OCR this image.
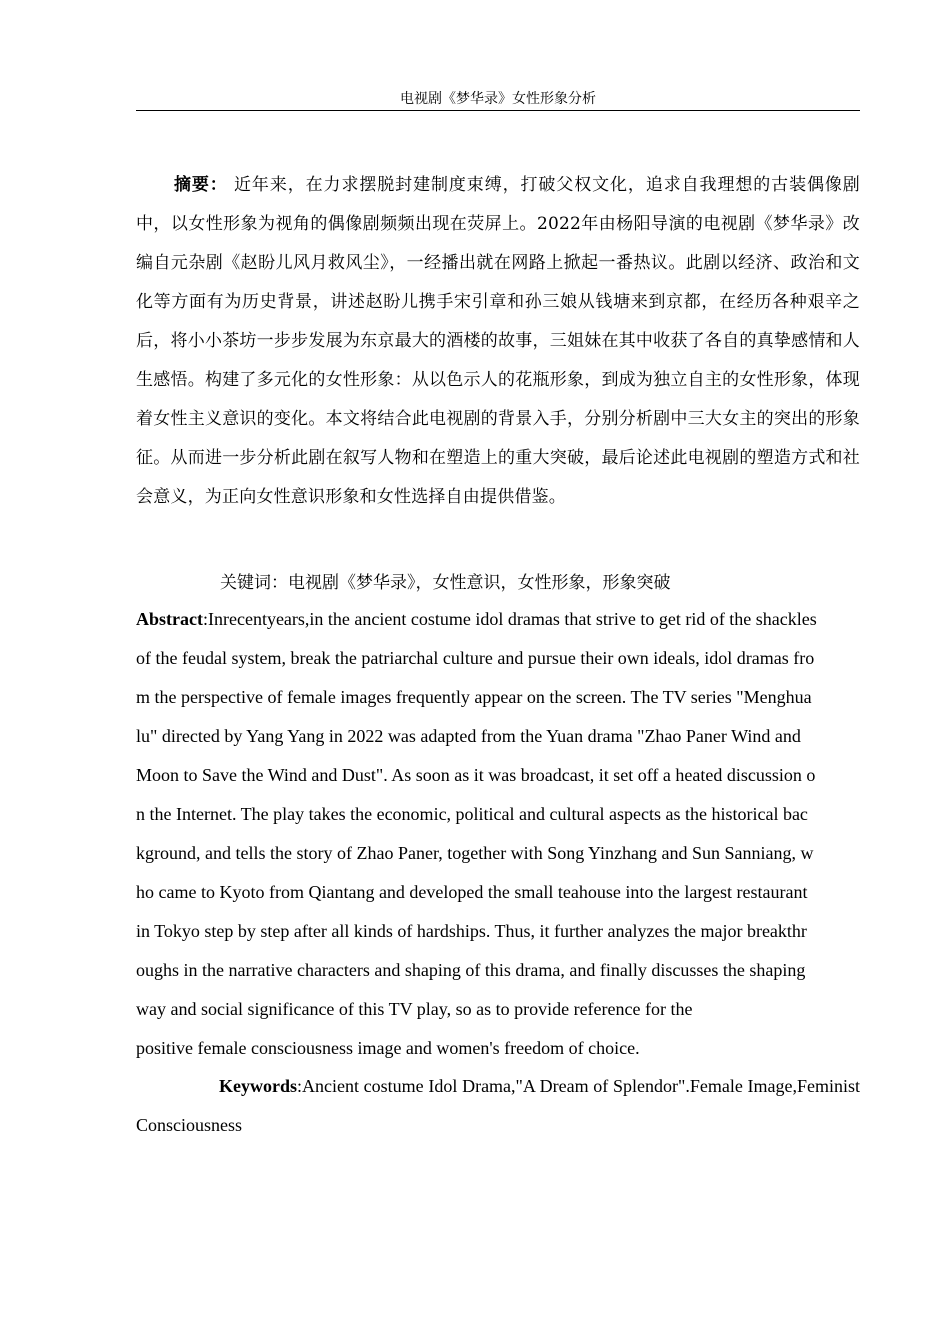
电视剧《梦华录》女性形象分析

摘要： 近年来，在力求摆脱封建制度束缚，打破父权文化，追求自我理想的古装偶像剧中，以女性形象为视角的偶像剧频频出现在荧屏上。2022年由杨阳导演的电视剧《梦华录》改编自元杂剧《赵盼儿风月救风尘》，一经播出就在网路上掀起一番热议。此剧以经济、政治和文化等方面有为历史背景，讲述赵盼儿携手宋引章和孙三娘从钱塘来到京都，在经历各种艰辛之后，将小小茶坊一步步发展为东京最大的酒楼的故事，三姐妹在其中收获了各自的真挚感情和人生感悟。构建了多元化的女性形象：从以色示人的花瓶形象，到成为独立自主的女性形象，体现着女性主义意识的变化。本文将结合此电视剧的背景入手，分别分析剧中三大女主的突出的形象征。从而进一步分析此剧在叙写人物和在塑造上的重大突破，最后论述此电视剧的塑造方式和社会意义，为正向女性意识形象和女性选择自由提供借鉴。

关键词：电视剧《梦华录》，女性意识，女性形象，形象突破

Abstract:Inrecentyears,in the ancient costume idol dramas that strive to get rid of the shackles
of the feudal system, break the patriarchal culture and pursue their own ideals, idol dramas fro
m the perspective of female images frequently appear on the screen. The TV series "Menghua
lu" directed by Yang Yang in 2022 was adapted from the Yuan drama "Zhao Paner Wind and
Moon to Save the Wind and Dust". As soon as it was broadcast, it set off a heated discussion o
n the Internet. The play takes the economic, political and cultural aspects as the historical bac
kground, and tells the story of Zhao Paner, together with Song Yinzhang and Sun Sanniang, w
ho came to Kyoto from Qiantang and developed the small teahouse into the largest restaurant
in Tokyo step by step after all kinds of hardships. Thus, it further analyzes the major breakthr
oughs in the narrative characters and shaping of this drama, and finally discusses the shaping
way and social significance of this TV play, so as to provide reference for the
positive female consciousness image and women's freedom of choice.

Keywords:Ancient costume Idol Drama,"A Dream of Splendor".Female Image,Feminist Consciousness
